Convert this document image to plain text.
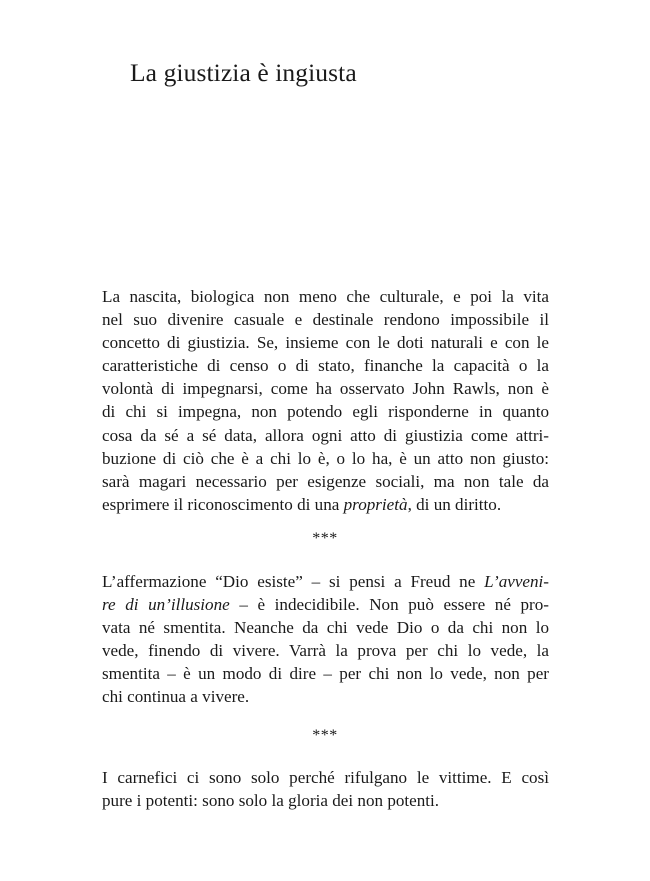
La giustizia è ingiusta
La nascita, biologica non meno che culturale, e poi la vita
nel suo divenire casuale e destinale rendono impossibile il
concetto di giustizia. Se, insieme con le doti naturali e con le
caratteristiche di censo o di stato, finanche la capacità o la
volontà di impegnarsi, come ha osservato John Rawls, non è
di chi si impegna, non potendo egli risponderne in quanto
cosa da sé a sé data, allora ogni atto di giustizia come attri-
buzione di ciò che è a chi lo è, o lo ha, è un atto non giusto:
sarà magari necessario per esigenze sociali, ma non tale da
esprimere il riconoscimento di una proprietà, di un diritto.
***
L’affermazione “Dio esiste” – si pensi a Freud ne L’avveni-
re di un’illusione – è indecidibile. Non può essere né pro-
vata né smentita. Neanche da chi vede Dio o da chi non lo
vede, finendo di vivere. Varrà la prova per chi lo vede, la
smentita – è un modo di dire – per chi non lo vede, non per
chi continua a vivere.
***
I carnefici ci sono solo perché rifulgano le vittime. E così
pure i potenti: sono solo la gloria dei non potenti.
